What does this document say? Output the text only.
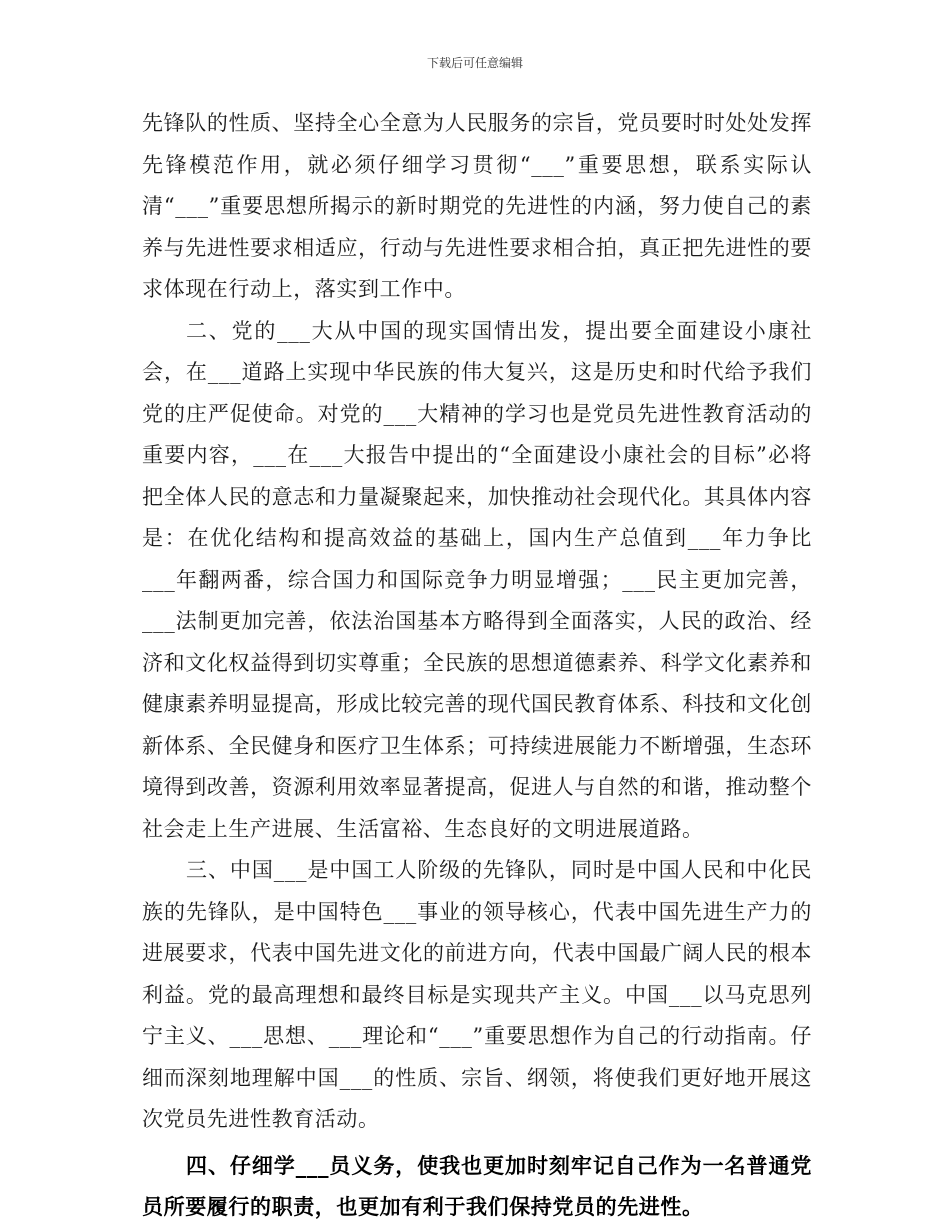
下载后可任意编辑

先锋队的性质、坚持全心全意为人民服务的宗旨，党员要时时处处发挥先锋模范作用，就必须仔细学习贯彻“___”重要思想，联系实际认清“___”重要思想所揭示的新时期党的先进性的内涵，努力使自己的素养与先进性要求相适应，行动与先进性要求相合拍，真正把先进性的要求体现在行动上，落实到工作中。

二、党的___大从中国的现实国情出发，提出要全面建设小康社会，在___道路上实现中华民族的伟大复兴，这是历史和时代给予我们党的庄严促使命。对党的___大精神的学习也是党员先进性教育活动的重要内容，___在___大报告中提出的“全面建设小康社会的目标”必将把全体人民的意志和力量凝聚起来，加快推动社会现代化。其具体内容是：在优化结构和提高效益的基础上，国内生产总值到___年力争比___年翻两番，综合国力和国际竞争力明显增强；___民主更加完善，___法制更加完善，依法治国基本方略得到全面落实，人民的政治、经济和文化权益得到切实尊重；全民族的思想道德素养、科学文化素养和健康素养明显提高，形成比较完善的现代国民教育体系、科技和文化创新体系、全民健身和医疗卫生体系；可持续进展能力不断增强，生态环境得到改善，资源利用效率显著提高，促进人与自然的和谐，推动整个社会走上生产进展、生活富裕、生态良好的文明进展道路。

三、中国___是中国工人阶级的先锋队，同时是中国人民和中化民族的先锋队，是中国特色___事业的领导核心，代表中国先进生产力的进展要求，代表中国先进文化的前进方向，代表中国最广阔人民的根本利益。党的最高理想和最终目标是实现共产主义。中国___以马克思列宁主义、___思想、___理论和“___”重要思想作为自己的行动指南。仔细而深刻地理解中国___的性质、宗旨、纲领，将使我们更好地开展这次党员先进性教育活动。

四、仔细学___员义务，使我也更加时刻牢记自己作为一名普通党员所要履行的职责，也更加有利于我们保持党员的先进性。
